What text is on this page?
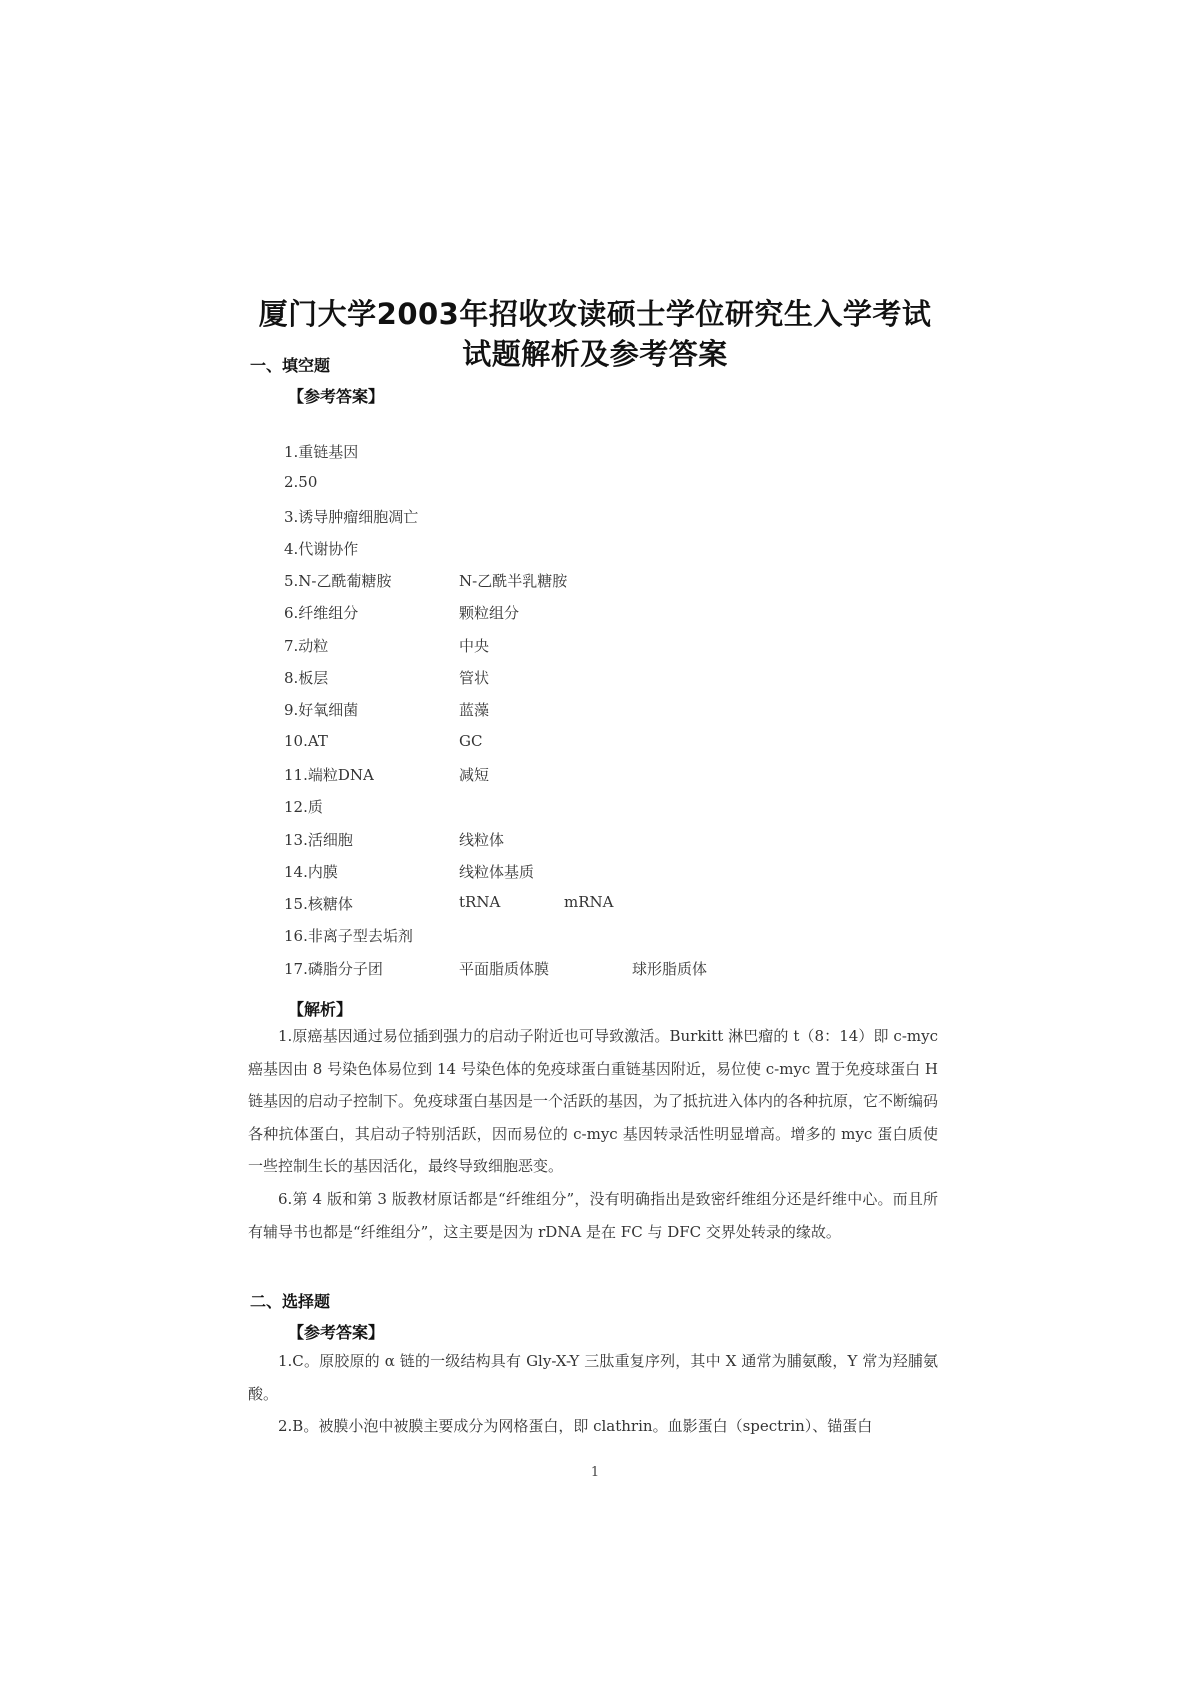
厦门大学2003年招收攻读硕士学位研究生入学考试
试题解析及参考答案
一、填空题
【参考答案】
1.重链基因
2.50
3.诱导肿瘤细胞凋亡
4.代谢协作
5.N-乙酰葡糖胺	N-乙酰半乳糖胺
6.纤维组分	颗粒组分
7.动粒	中央
8.板层	管状
9.好氧细菌	蓝藻
10.AT	GC
11.端粒DNA	减短
12.质
13.活细胞	线粒体
14.内膜	线粒体基质
15.核糖体	tRNA	mRNA
16.非离子型去垢剂
17.磷脂分子团	平面脂质体膜	球形脂质体
【解析】
1.原癌基因通过易位插到强力的启动子附近也可导致激活。Burkitt 淋巴瘤的 t（8：14）即 c-myc 癌基因由 8 号染色体易位到 14 号染色体的免疫球蛋白重链基因附近，易位使 c-myc 置于免疫球蛋白 H 链基因的启动子控制下。免疫球蛋白基因是一个活跃的基因，为了抵抗进入体内的各种抗原，它不断编码各种抗体蛋白，其启动子特别活跃，因而易位的 c-myc 基因转录活性明显增高。增多的 myc 蛋白质使一些控制生长的基因活化，最终导致细胞恶变。
6.第 4 版和第 3 版教材原话都是“纤维组分”，没有明确指出是致密纤维组分还是纤维中心。而且所有辅导书也都是“纤维组分”，这主要是因为 rDNA 是在 FC 与 DFC 交界处转录的缘故。
二、选择题
【参考答案】
1.C。原胶原的 α 链的一级结构具有 Gly-X-Y 三肽重复序列，其中 X 通常为脯氨酸，Y 常为羟脯氨酸。
2.B。被膜小泡中被膜主要成分为网格蛋白，即 clathrin。血影蛋白（spectrin）、锚蛋白
1
